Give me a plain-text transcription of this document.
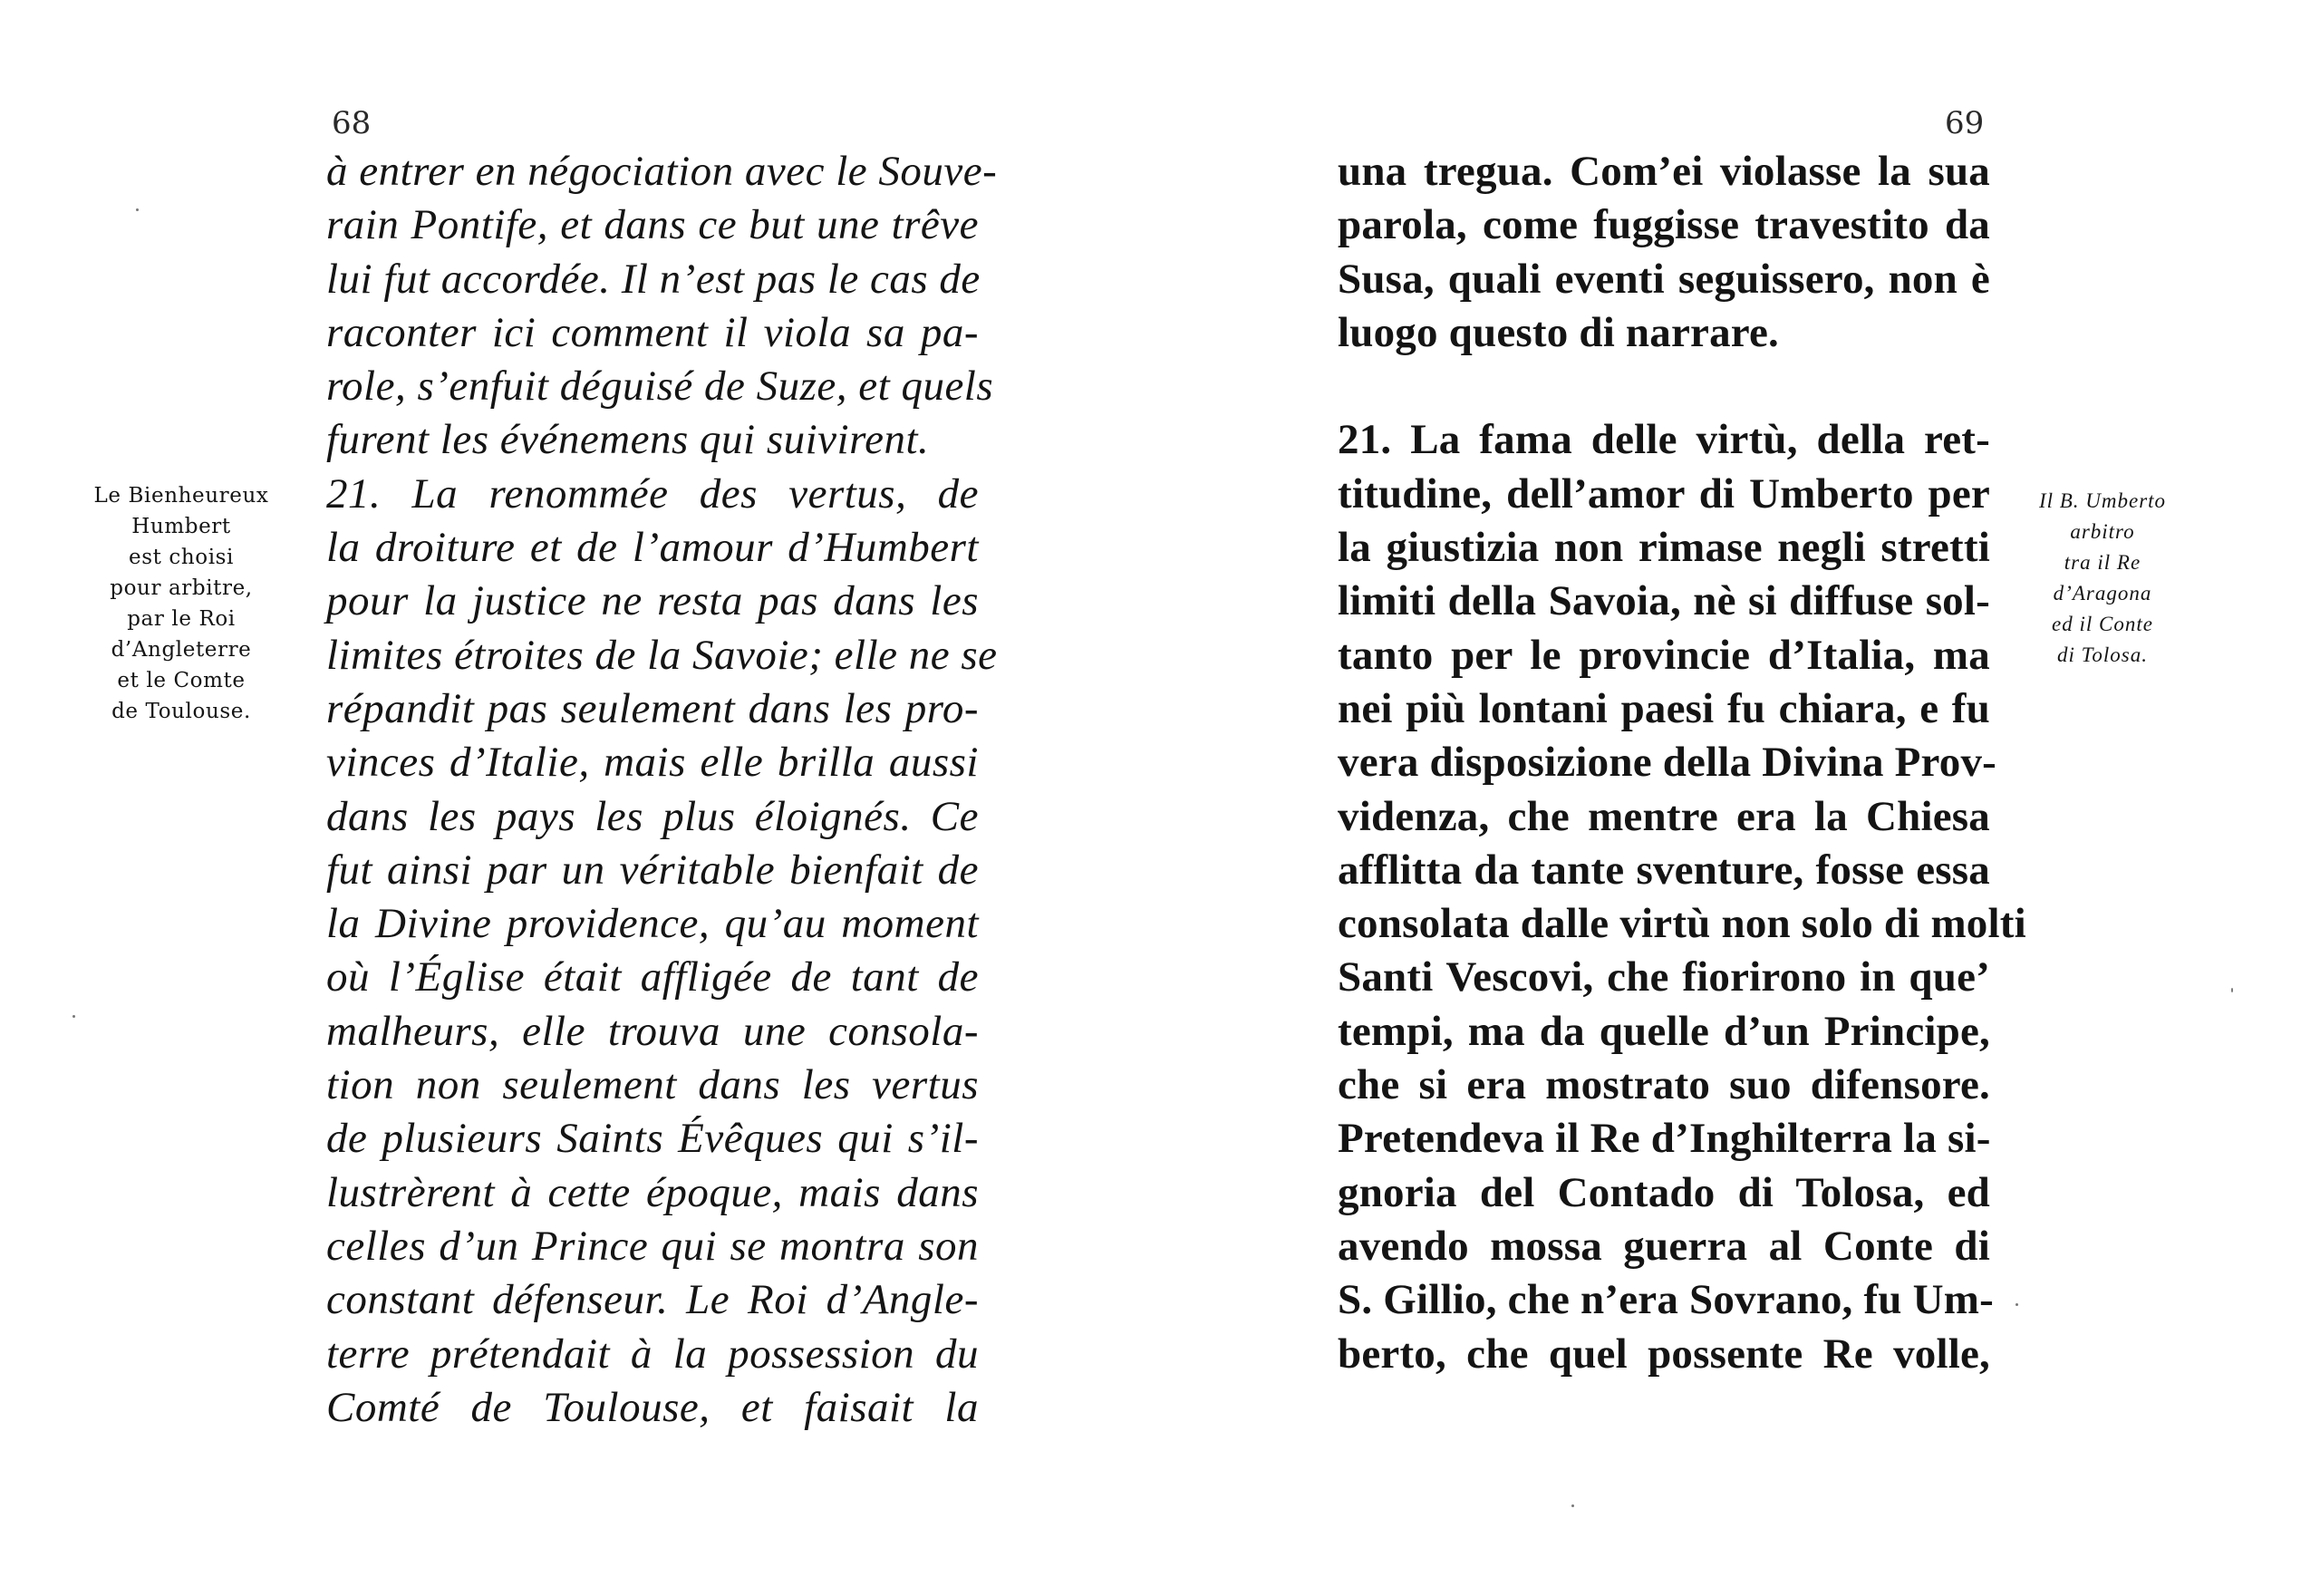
68	69
à entrer en négociation avec le Souve-
rain Pontife, et dans ce but une trêve
lui fut accordée. Il n’est pas le cas de
raconter ici comment il viola sa pa-
role, s’enfuit déguisé de Suze, et quels
furent les événemens qui suivirent.
21. La renommée des vertus, de
la droiture et de l’amour d’Humbert
pour la justice ne resta pas dans les
limites étroites de la Savoie; elle ne se
répandit pas seulement dans les pro-
vinces d’Italie, mais elle brilla aussi
dans les pays les plus éloignés. Ce
fut ainsi par un véritable bienfait de
la Divine providence, qu’au moment
où l’Église était affligée de tant de
malheurs, elle trouva une consola-
tion non seulement dans les vertus
de plusieurs Saints Évêques qui s’il-
lustrèrent à cette époque, mais dans
celles d’un Prince qui se montra son
constant défenseur. Le Roi d’Angle-
terre prétendait à la possession du
Comté de Toulouse, et faisait la
una tregua. Com’ei violasse la sua
parola, come fuggisse travestito da
Susa, quali eventi seguissero, non è
luogo questo di narrare.
21. La fama delle virtù, della ret-
titudine, dell’amor di Umberto per
la giustizia non rimase negli stretti
limiti della Savoia, nè si diffuse sol-
tanto per le provincie d’Italia, ma
nei più lontani paesi fu chiara, e fu
vera disposizione della Divina Prov-
videnza, che mentre era la Chiesa
afflitta da tante sventure, fosse essa
consolata dalle virtù non solo di molti
Santi Vescovi, che fiorirono in que’
tempi, ma da quelle d’un Principe,
che si era mostrato suo difensore.
Pretendeva il Re d’Inghilterra la si-
gnoria del Contado di Tolosa, ed
avendo mossa guerra al Conte di
S. Gillio, che n’era Sovrano, fu Um-
berto, che quel possente Re volle,
Le Bienheureux
Humbert
est choisi
pour arbitre,
par le Roi
d’Angleterre
et le Comte
de Toulouse.
Il B. Umberto
arbitro
tra il Re
d’Aragona
ed il Conte
di Tolosa.
